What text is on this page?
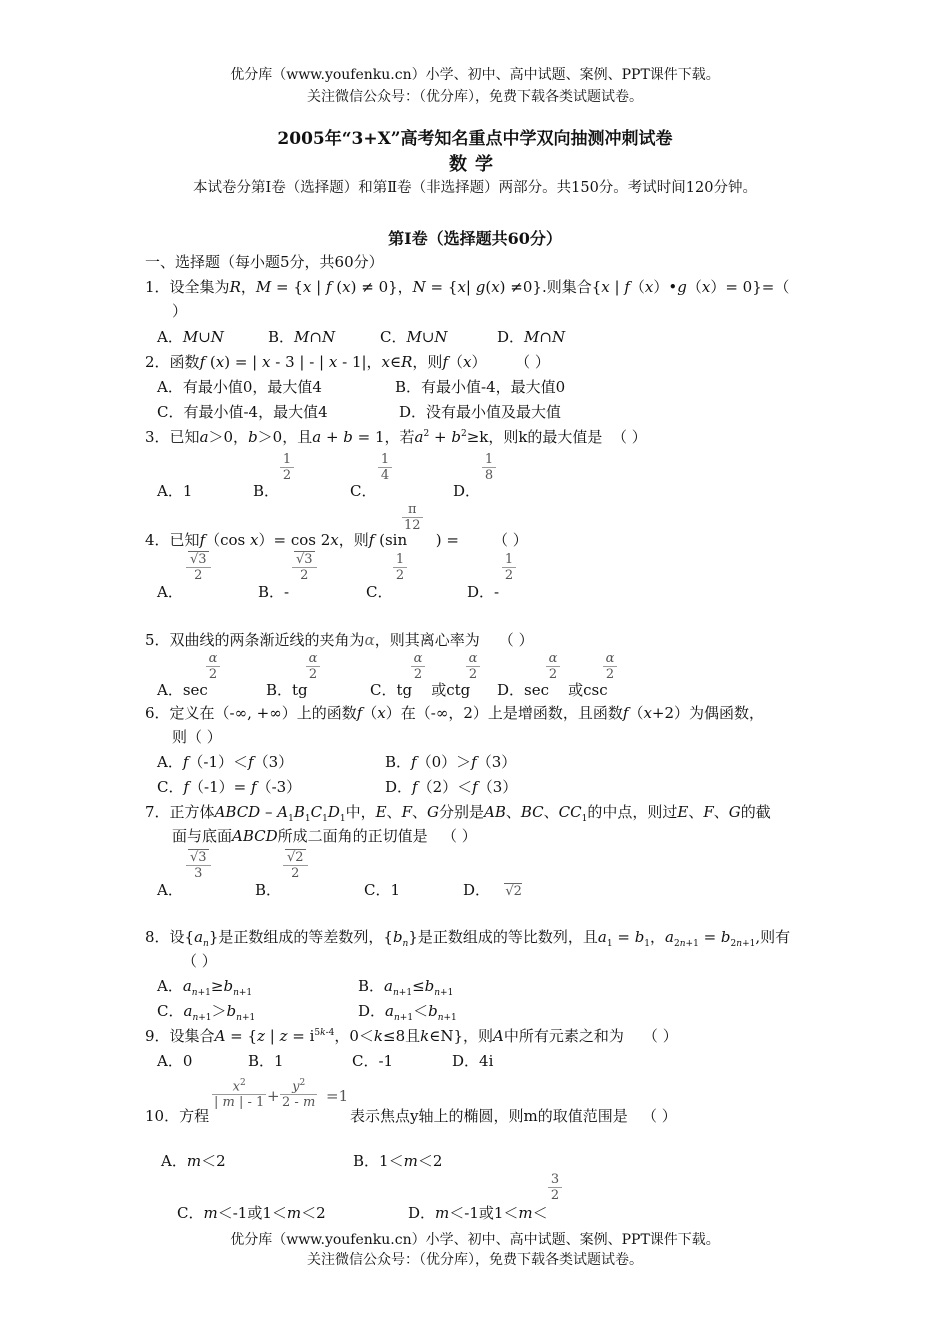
优分库（www.youfenku.cn）小学、初中、高中试题、案例、PPT课件下载。
关注微信公众号：（优分库），免费下载各类试题试卷。
2005年“3+X”高考知名重点中学双向抽测冲刺试卷
数学
本试卷分第Ⅰ卷（选择题）和第Ⅱ卷（非选择题）两部分。共150分。考试时间120分钟。
第Ⅰ卷（选择题共60分）
一、选择题（每小题5分，共60分）
1．设全集为R，M = {x | f (x) ≠ 0}，N = {x| g(x) ≠0}.则集合{x | f（x）•g（x）= 0}=（
）
A．M∪N	B．M∩N	C．M∪N	D．M∩N
2．函数f (x) = | x - 3 | - | x - 1|，x∈R，则f（x）      （ ）
A．有最小值0，最大值4	B．有最小值-4，最大值0
C．有最小值-4，最大值4	D．没有最小值及最大值
3．已知a＞0，b＞0，且a + b = 1，若$a^2 + b^2\ge k$，则k的最大值是  （ ）
A．1	B．
1
2
C．
1
4
D．
1
8
4．已知f（cos x）= cos 2x，则f (sin      ) =
π
12
（ ）
A．
√3
2
B．-
√3
2
C．
1
2
D．-
1
2
5．双曲线的两条渐近线的夹角为α，则其离心率为 （ ）
A．sec
α
2
B．tg
α
2
C．tg 或ctg
α
2
α
2
D．sec 或csc
α
2
α
2
6．定义在（-∞, +∞）上的函数f（x）在（-∞，2）上是增函数，且函数f（x+2）为偶函数，
则（ ）
A．f（-1）＜f（3）	B．f（0）＞f（3）
C．f（-1）= f（-3）	D．f（2）＜f（3）
7．正方体ABCD – $A_1B_1C_1D_1$中，E、F、G分别是AB、BC、$CC_1$的中点，则过E、F、G的截
面与底面ABCD所成二面角的正切值是 （ ）
A．
√3
3
B．
√2
2
C．1	D． √2
8．设$\{a_n\}$是正数组成的等差数列，$\{b_n\}$是正数组成的等比数列，且$a_1 = b_1$，$a_{2n+1} = b_{2n+1}$,则有
（ ）
A．$a_{n+1}\ge b_{n+1}$	B．$a_{n+1}\le b_{n+1}$
C．$a_{n+1}>b_{n+1}$	D．$a_{n+1}<b_{n+1}$
9．设集合A = {z | $z = i^{5k-4}$，0＜k≤8且k∈N}，则A中所有元素之和为    （ ）
A．0	B．1	C．-1	D．4i
10．方程
$x^2$
| m | - 1 +
$y^2$
2 - m =1
表示焦点y轴上的椭圆，则m的取值范围是 （ ）
A．m＜2	B．1＜m＜2
C．m＜-1或1＜m＜2	D．m＜-1或1＜m＜
3
2
优分库（www.youfenku.cn）小学、初中、高中试题、案例、PPT课件下载。
关注微信公众号：（优分库），免费下载各类试题试卷。
